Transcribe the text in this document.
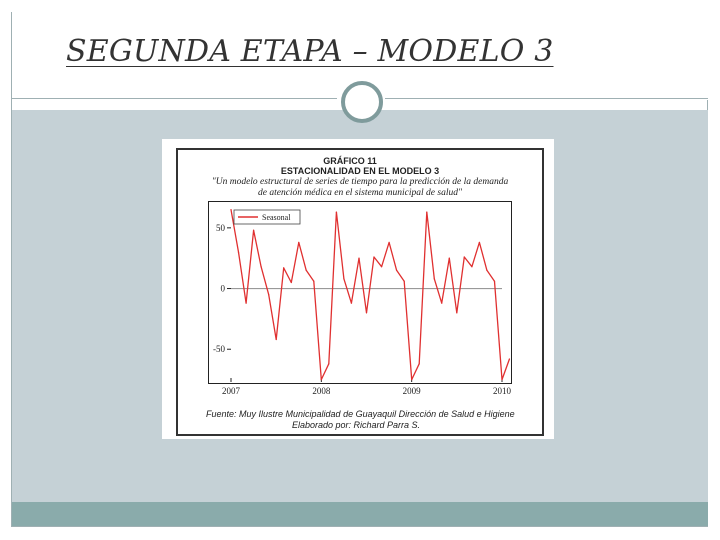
SEGUNDA ETAPA – MODELO 3

GRÁFICO 11

ESTACIONALIDAD EN EL MODELO 3

"Un modelo estructural de series de tiempo para la predicción de la demanda

de atención médica en el sistema municipal de salud"

50
0
-50
2007	2008	2009	2010
Seasonal

Fuente: Muy Ilustre Municipalidad de Guayaquil Dirección de Salud e Higiene

Elaborado por: Richard Parra S.
